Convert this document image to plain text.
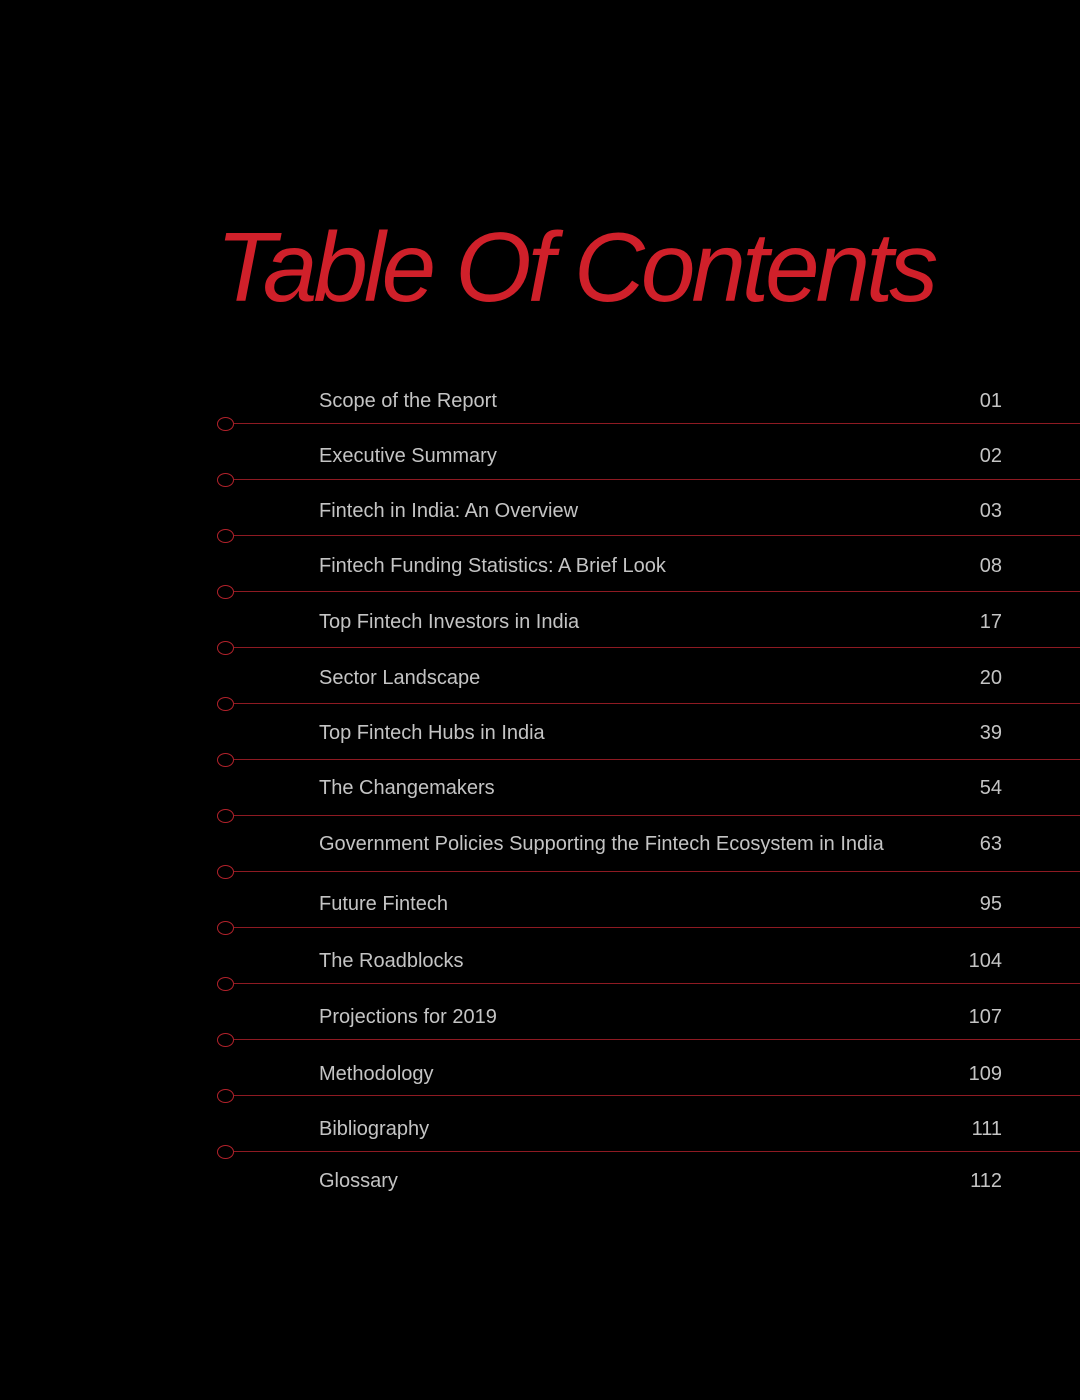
Table Of Contents
Scope of the Report	01
Executive Summary	02
Fintech in India: An Overview	03
Fintech Funding Statistics: A Brief Look	08
Top Fintech Investors in India	17
Sector Landscape	20
Top Fintech Hubs in India	39
The Changemakers	54
Government Policies Supporting the Fintech Ecosystem in India	63
Future Fintech	95
The Roadblocks	104
Projections for 2019	107
Methodology	109
Bibliography	111
Glossary	112
